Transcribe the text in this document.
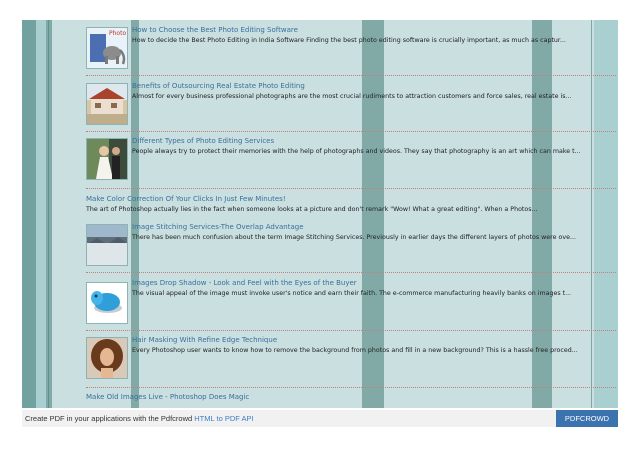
Photo How to Choose the Best Photo Editing Software
How to decide the Best Photo Editing in India Software Finding the best photo editing software is crucially important, as much as captur...
Benefits of Outsourcing Real Estate Photo Editing
Almost for every business professional photographs are the most crucial rudiments to attraction customers and force sales, real estate is...
Different Types of Photo Editing Services
People always try to protect their memories with the help of photographs and videos. They say that photography is an art which can make t...
Make Color Correction Of Your Clicks In Just Few Minutes!
The art of Photoshop actually lies in the fact when someone looks at a picture and don't remark "Wow! What a great editing". When a Photos...
Image Stitching Services-The Overlap Advantage
There has been much confusion about the term Image Stitching Services. Previously in earlier days the different layers of photos were ove...
Images Drop Shadow - Look and Feel with the Eyes of the Buyer
The visual appeal of the image must invoke user's notice and earn their faith. The e-commerce manufacturing heavily banks on images t...
Hair Masking With Refine Edge Technique
Every Photoshop user wants to know how to remove the background from photos and fill in a new background? This is a hassle free proced...
Make Old Images Live - Photoshop Does Magic
Create PDF in your applications with the Pdfcrowd HTML to PDF API	PDFCROWD
